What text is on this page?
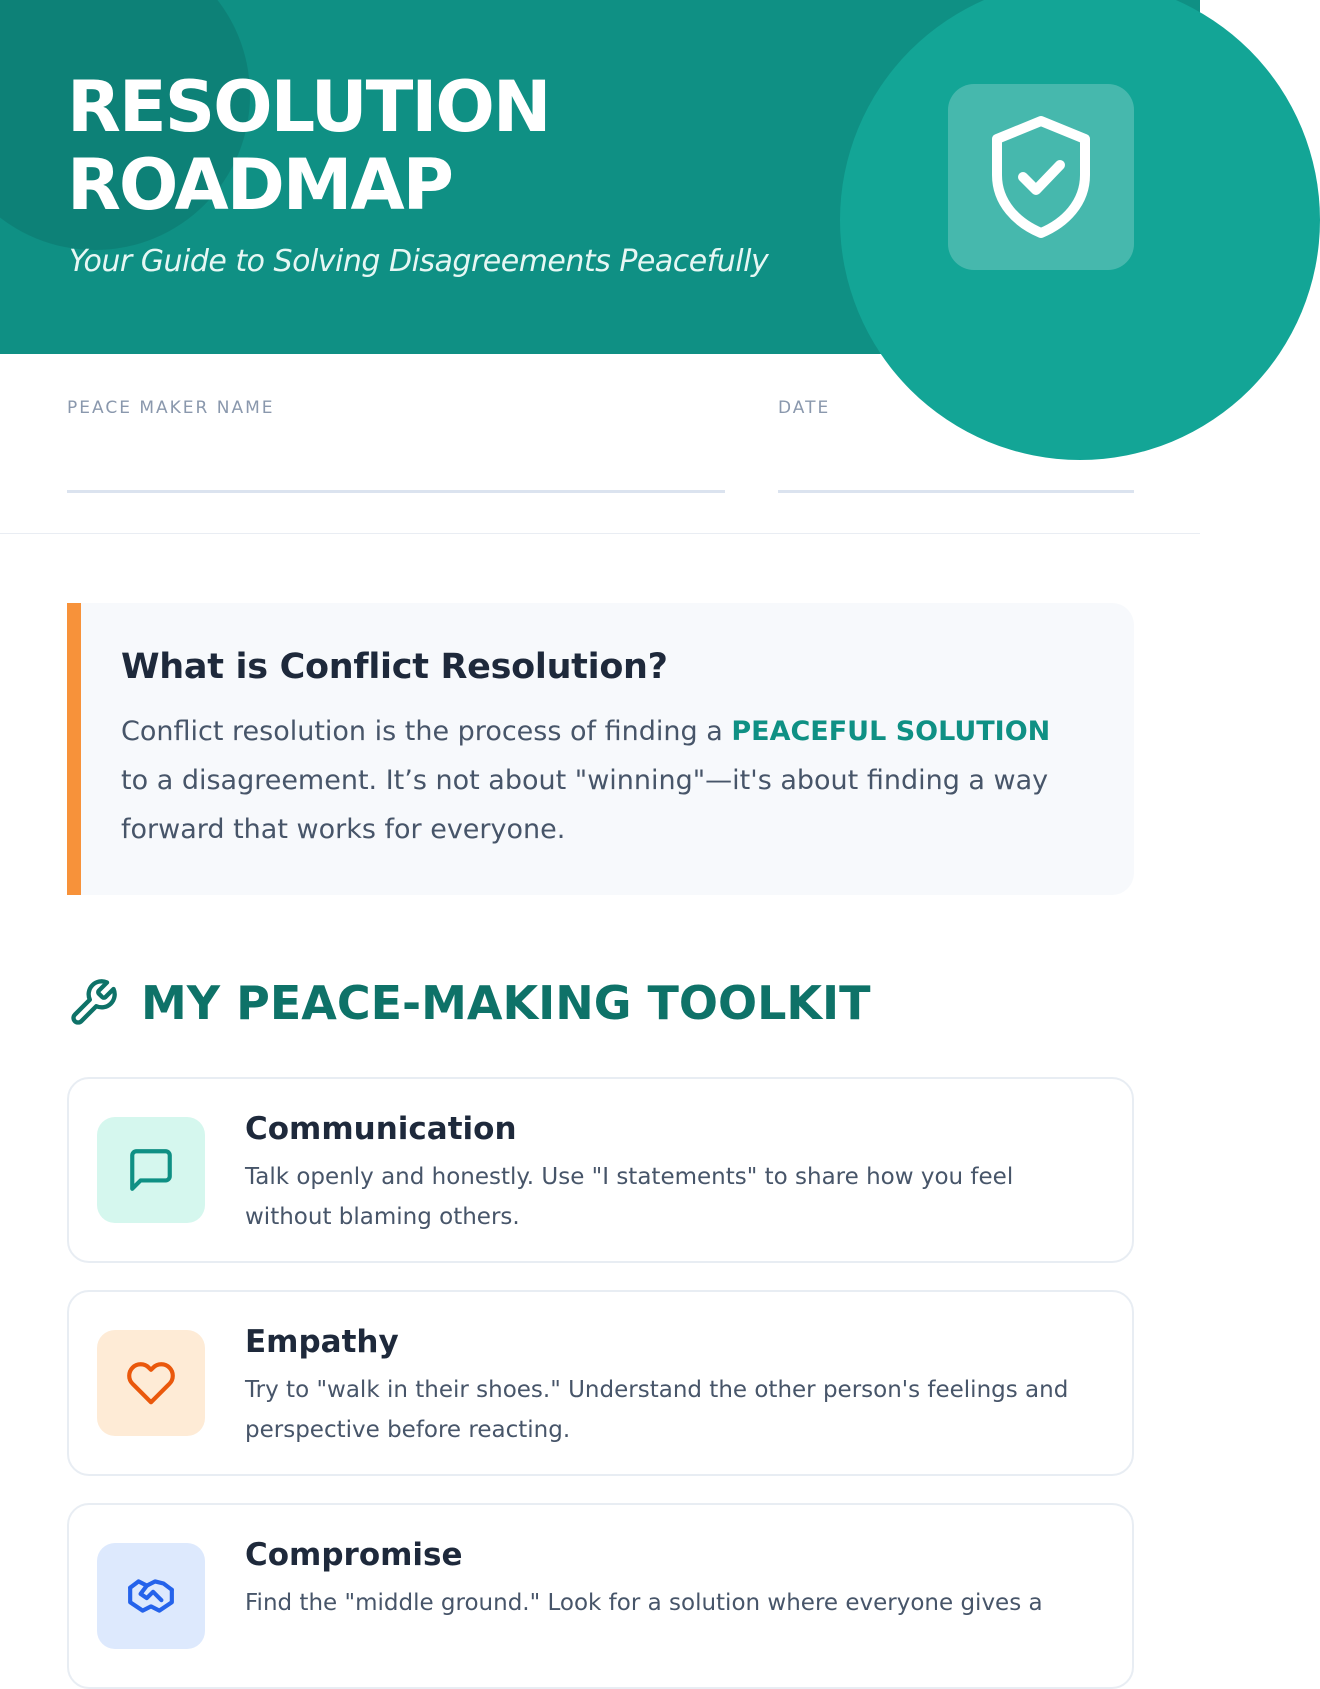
RESOLUTION
ROADMAP
Your Guide to Solving Disagreements Peacefully
PEACE MAKER NAME	DATE
What is Conflict Resolution?

Conflict resolution is the process of finding a PEACEFUL SOLUTION to a disagreement. It’s not about "winning"—it's about finding a way forward that works for everyone.

MY PEACE-MAKING TOOLKIT
Communication

Talk openly and honestly. Use "I statements" to share how you feel without blaming others.

Empathy

Try to "walk in their shoes." Understand the other person's feelings and perspective before reacting.

Compromise

Find the "middle ground." Look for a solution where everyone gives a
